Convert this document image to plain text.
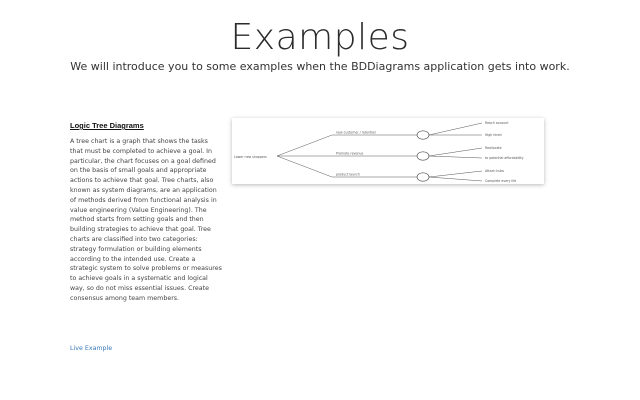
Examples
We will introduce you to some examples when the BDDiagrams application gets into work.
Logic Tree Diagrams
A tree chart is a graph that shows the tasks that must be completed to achieve a goal. In particular, the chart focuses on a goal defined on the basis of small goals and appropriate actions to achieve that goal. Tree charts, also known as system diagrams, are an application of methods derived from functional analysis in value engineering (Value Engineering). The method starts from setting goals and then building strategies to achieve that goal. Tree charts are classified into two categories: strategy formulation or building elements according to the intended use. Create a strategic system to solve problems or measures to achieve goals in a systematic and logical way, so do not miss essential issues. Create consensus among team members.
Live Example
Lower new shoppers
new customer / retention
Promote revenue
product launch
Reach account
High hired
Reallocate
to potential affordability
Attach hubs
Complete every life
